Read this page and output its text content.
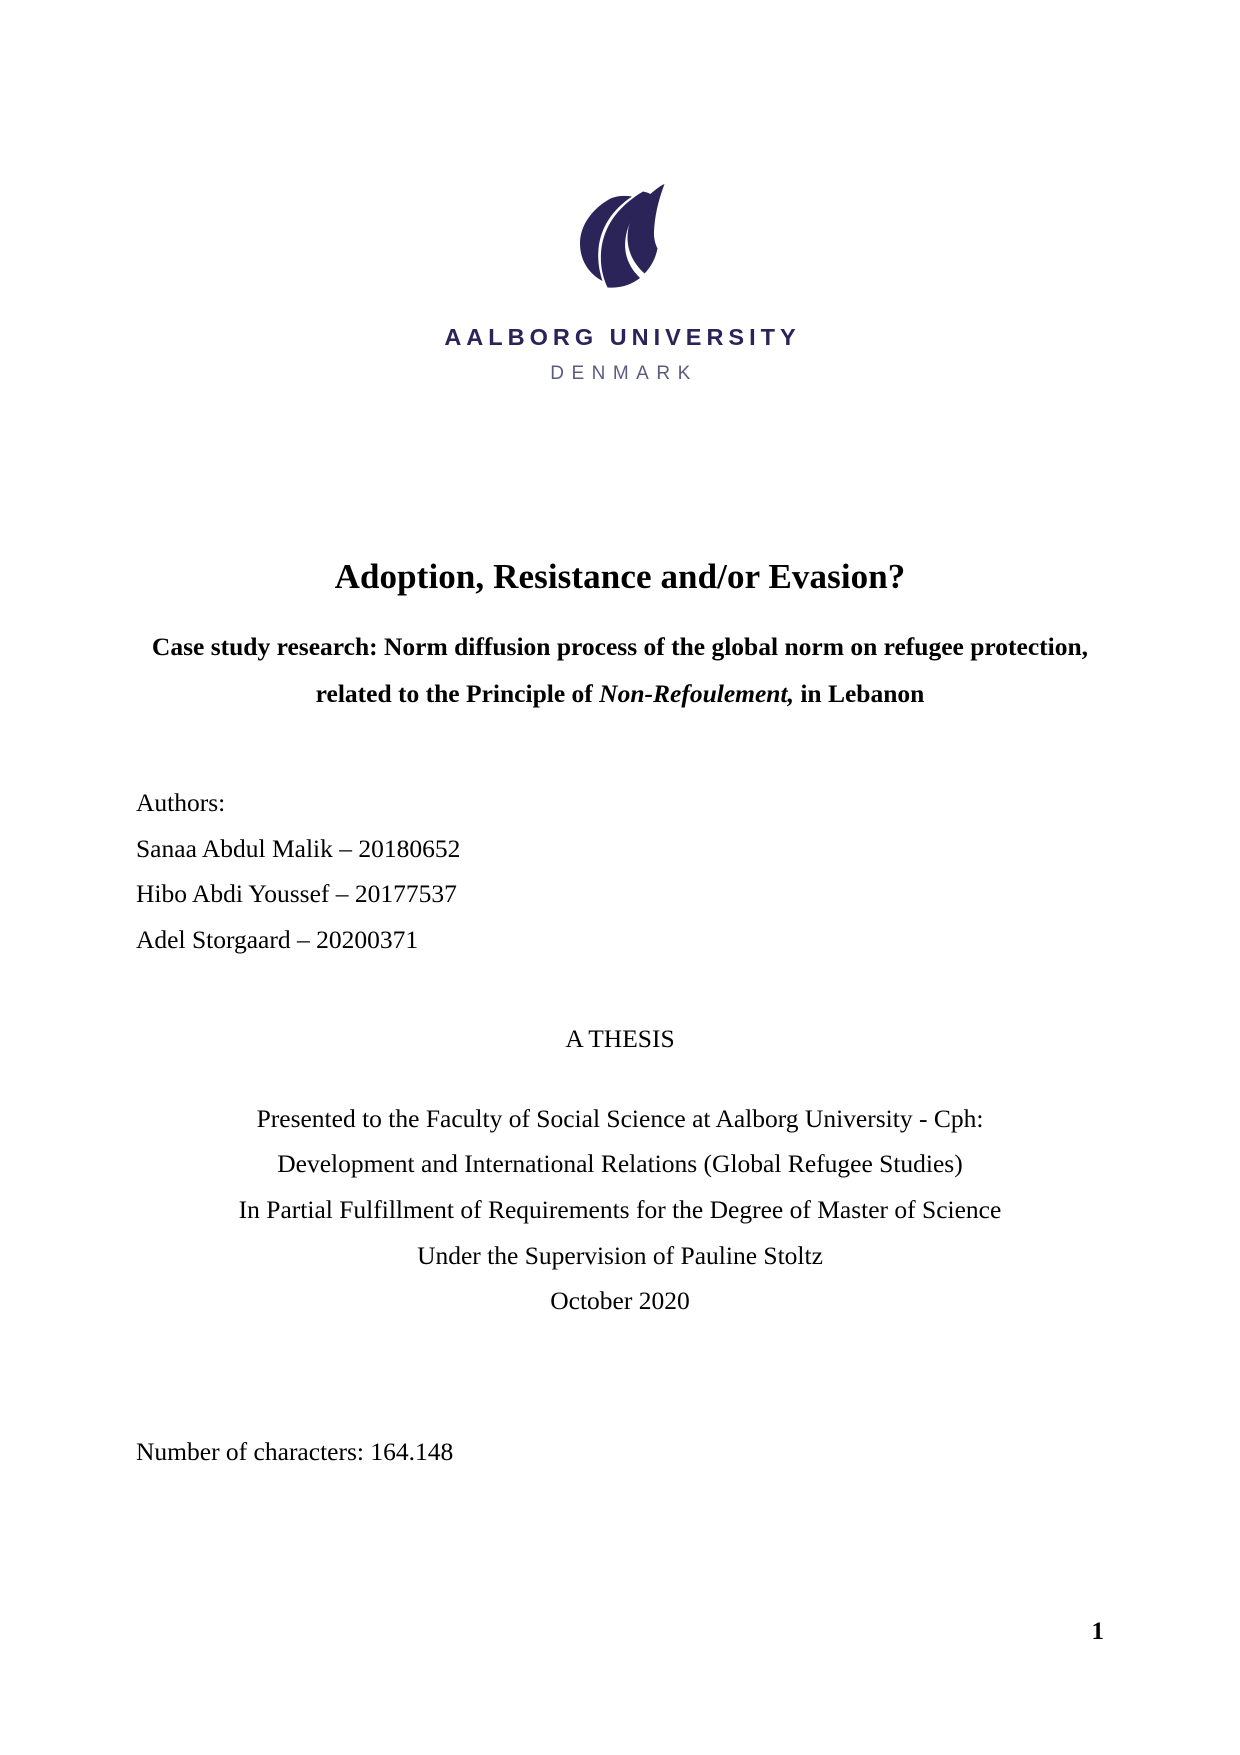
AALBORG UNIVERSITY
DENMARK
Adoption, Resistance and/or Evasion?

Case study research: Norm diffusion process of the global norm on refugee protection, related to the Principle of Non-Refoulement, in Lebanon

Authors:
Sanaa Abdul Malik – 20180652
Hibo Abdi Youssef – 20177537
Adel Storgaard – 20200371
A THESIS
Presented to the Faculty of Social Science at Aalborg University - Cph:
Development and International Relations (Global Refugee Studies)
In Partial Fulfillment of Requirements for the Degree of Master of Science
Under the Supervision of Pauline Stoltz
October 2020
Number of characters: 164.148
1
